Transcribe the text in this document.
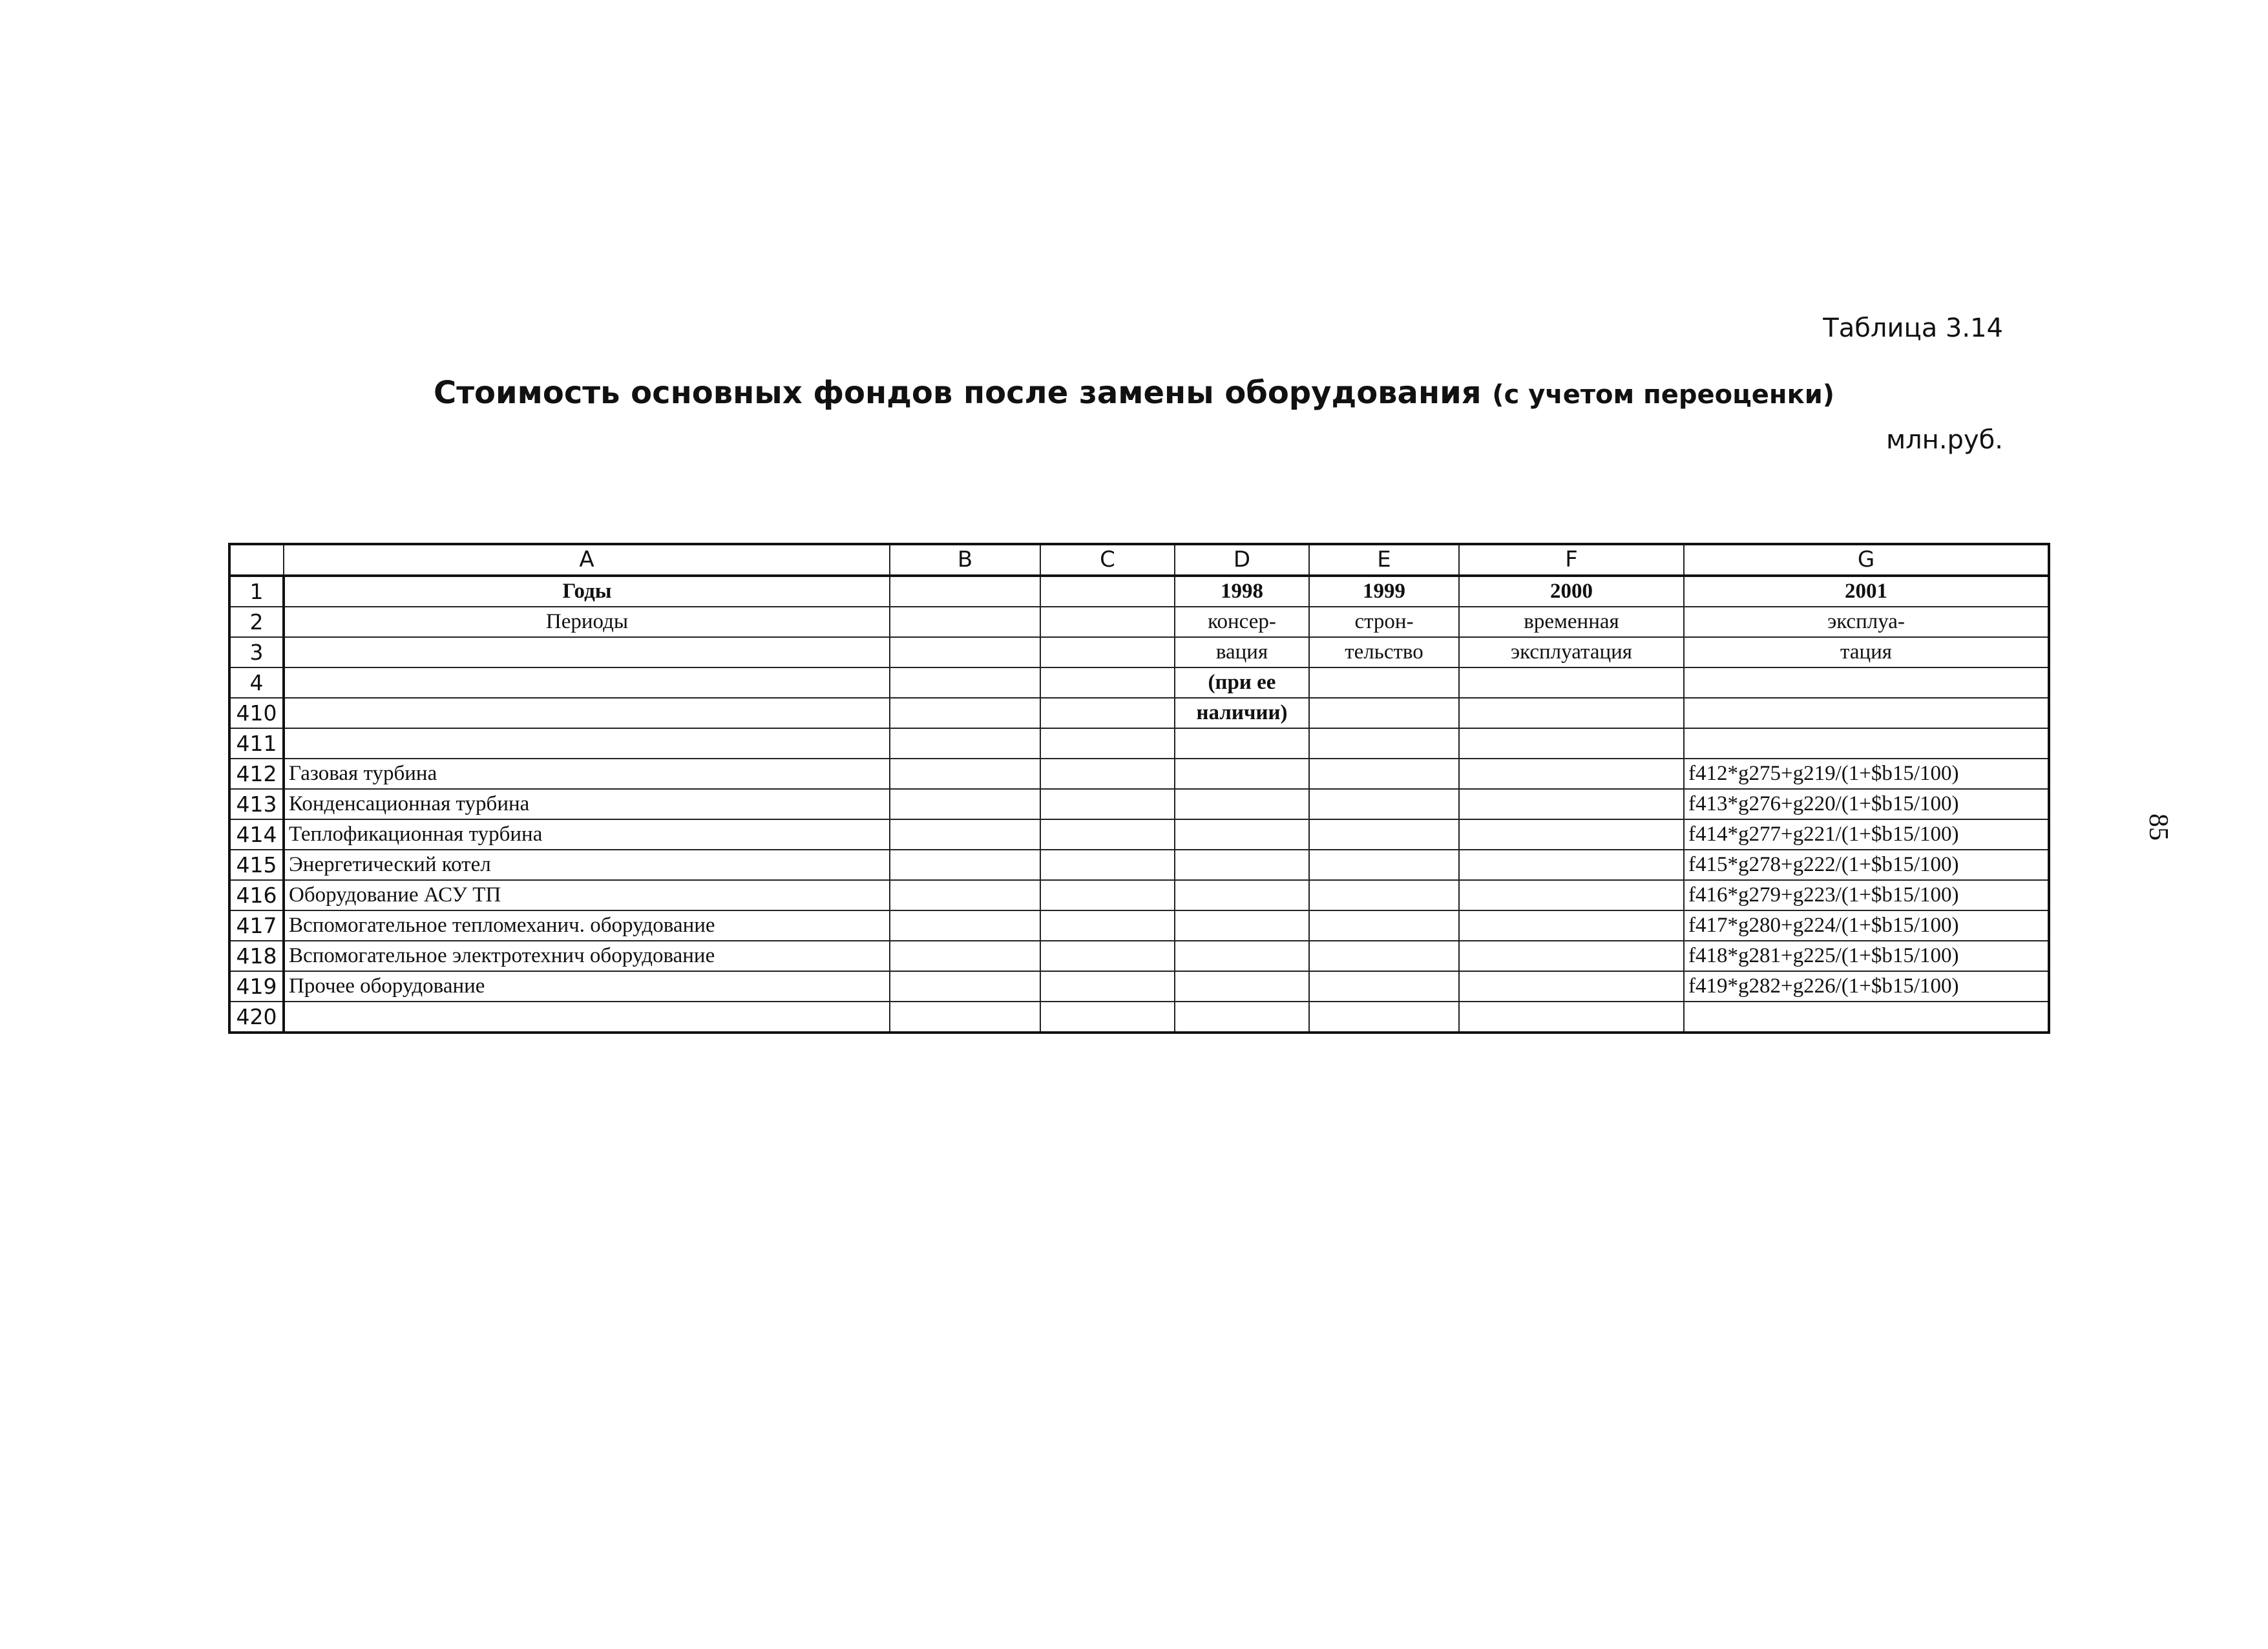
Таблица 3.14
Стоимость основных фондов после замены оборудования (с учетом переоценки)
млн.руб.
85
	A	B	C	D	E	F	G
1	Годы			1998	1999	2000	2001
2	Периоды			консер-	строн-	временная	эксплуа-
3				вация	тельство	эксплуатация	тация
4				(при ее			
410				наличии)			
411							
412	Газовая турбина						f412*g275+g219/(1+$b15/100)
413	Конденсационная турбина						f413*g276+g220/(1+$b15/100)
414	Теплофикационная турбина						f414*g277+g221/(1+$b15/100)
415	Энергетический котел						f415*g278+g222/(1+$b15/100)
416	Оборудование АСУ ТП						f416*g279+g223/(1+$b15/100)
417	Вспомогательное тепломеханич. оборудование						f417*g280+g224/(1+$b15/100)
418	Вспомогательное электротехнич оборудование						f418*g281+g225/(1+$b15/100)
419	Прочее оборудование						f419*g282+g226/(1+$b15/100)
420							
